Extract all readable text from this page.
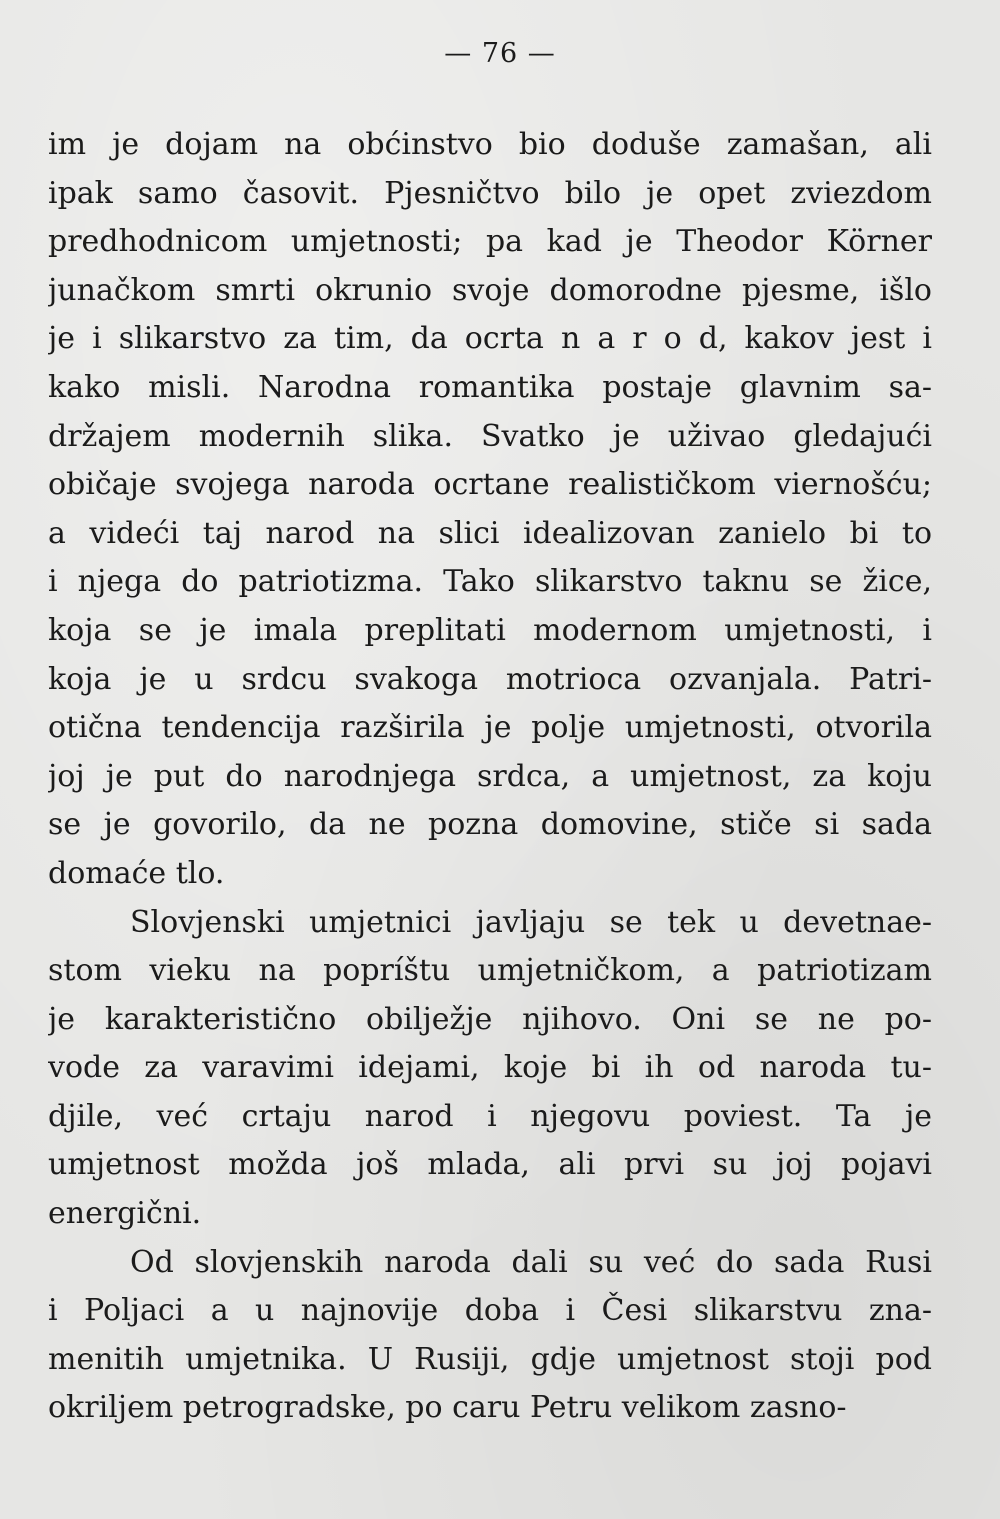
— 76 —
im je dojam na obćinstvo bio doduše zamašan, ali
ipak samo časovit. Pjesničtvo bilo je opet zviezdom
predhodnicom umjetnosti; pa kad je Theodor Körner
junačkom smrti okrunio svoje domorodne pjesme, išlo
je i slikarstvo za tim, da ocrta n a r o d, kakov jest i
kako misli. Narodna romantika postaje glavnim sa-
držajem modernih slika. Svatko je uživao gledajući
običaje svojega naroda ocrtane realističkom viernošću;
a videći taj narod na slici idealizovan zanielo bi to
i njega do patriotizma. Tako slikarstvo taknu se žice,
koja se je imala preplitati modernom umjetnosti, i
koja je u srdcu svakoga motrioca ozvanjala. Patri-
otična tendencija razširila je polje umjetnosti, otvorila
joj je put do narodnjega srdca, a umjetnost, za koju
se je govorilo, da ne pozna domovine, stiče si sada
domaće tlo.
Slovjenski umjetnici javljaju se tek u devetnae-
stom vieku na popríštu umjetničkom, a patriotizam
je karakteristično obilježje njihovo. Oni se ne po-
vode za varavimi idejami, koje bi ih od naroda tu-
djile, već crtaju narod i njegovu poviest. Ta je
umjetnost možda još mlada, ali prvi su joj pojavi
energični.
Od slovjenskih naroda dali su već do sada Rusi
i Poljaci a u najnovije doba i Česi slikarstvu zna-
menitih umjetnika. U Rusiji, gdje umjetnost stoji pod
okriljem petrogradske, po caru Petru velikom zasno-
